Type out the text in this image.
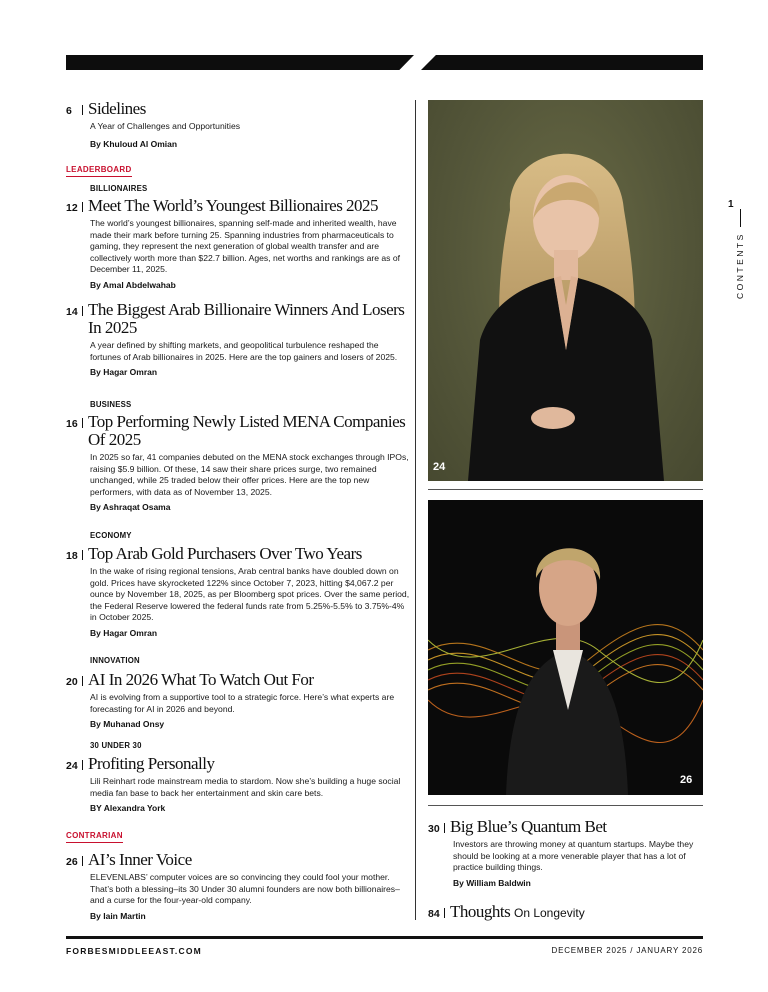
6 Sidelines
A Year of Challenges and Opportunities
By Khuloud Al Omian
LEADERBOARD
BILLIONAIRES
12 Meet The World’s Youngest Billionaires 2025
The world’s youngest billionaires, spanning self-made and inherited wealth, have made their mark before turning 25. Spanning industries from pharmaceuticals to gaming, they represent the next generation of global wealth transfer and are collectively worth more than $22.7 billion. Ages, net worths and rankings are as of December 11, 2025.
By Amal Abdelwahab
14 The Biggest Arab Billionaire Winners And Losers In 2025
A year defined by shifting markets, and geopolitical turbulence reshaped the fortunes of Arab billionaires in 2025. Here are the top gainers and losers of 2025.
By Hagar Omran
BUSINESS
16 Top Performing Newly Listed MENA Companies Of 2025
In 2025 so far, 41 companies debuted on the MENA stock exchanges through IPOs, raising $5.9 billion. Of these, 14 saw their share prices surge, two remained unchanged, while 25 traded below their offer prices. Here are the top new performers, with data as of November 13, 2025.
By Ashraqat Osama
ECONOMY
18 Top Arab Gold Purchasers Over Two Years
In the wake of rising regional tensions, Arab central banks have doubled down on gold. Prices have skyrocketed 122% since October 7, 2023, hitting $4,067.2 per ounce by November 18, 2025, as per Bloomberg spot prices. Over the same period, the Federal Reserve lowered the federal funds rate from 5.25%-5.5% to 3.75%-4% in October 2025.
By Hagar Omran
INNOVATION
20 AI In 2026 What To Watch Out For
AI is evolving from a supportive tool to a strategic force. Here’s what experts are forecasting for AI in 2026 and beyond.
By Muhanad Onsy
30 UNDER 30
24 Profiting Personally
Lili Reinhart rode mainstream media to stardom. Now she’s building a huge social media fan base to back her entertainment and skin care bets.
BY Alexandra York
CONTRARIAN
26 AI’s Inner Voice
ELEVENLABS’ computer voices are so convincing they could fool your mother. That’s both a blessing–its 30 Under 30 alumni founders are now both billionaires– and a curse for the four-year-old company.
By Iain Martin
24
26
30 Big Blue’s Quantum Bet
Investors are throwing money at quantum startups. Maybe they should be looking at a more venerable player that has a lot of practice building things.
By William Baldwin
84 Thoughts On Longevity
1
CONTENTS
FORBESMIDDLEEAST.COM	DECEMBER 2025 / JANUARY 2026
